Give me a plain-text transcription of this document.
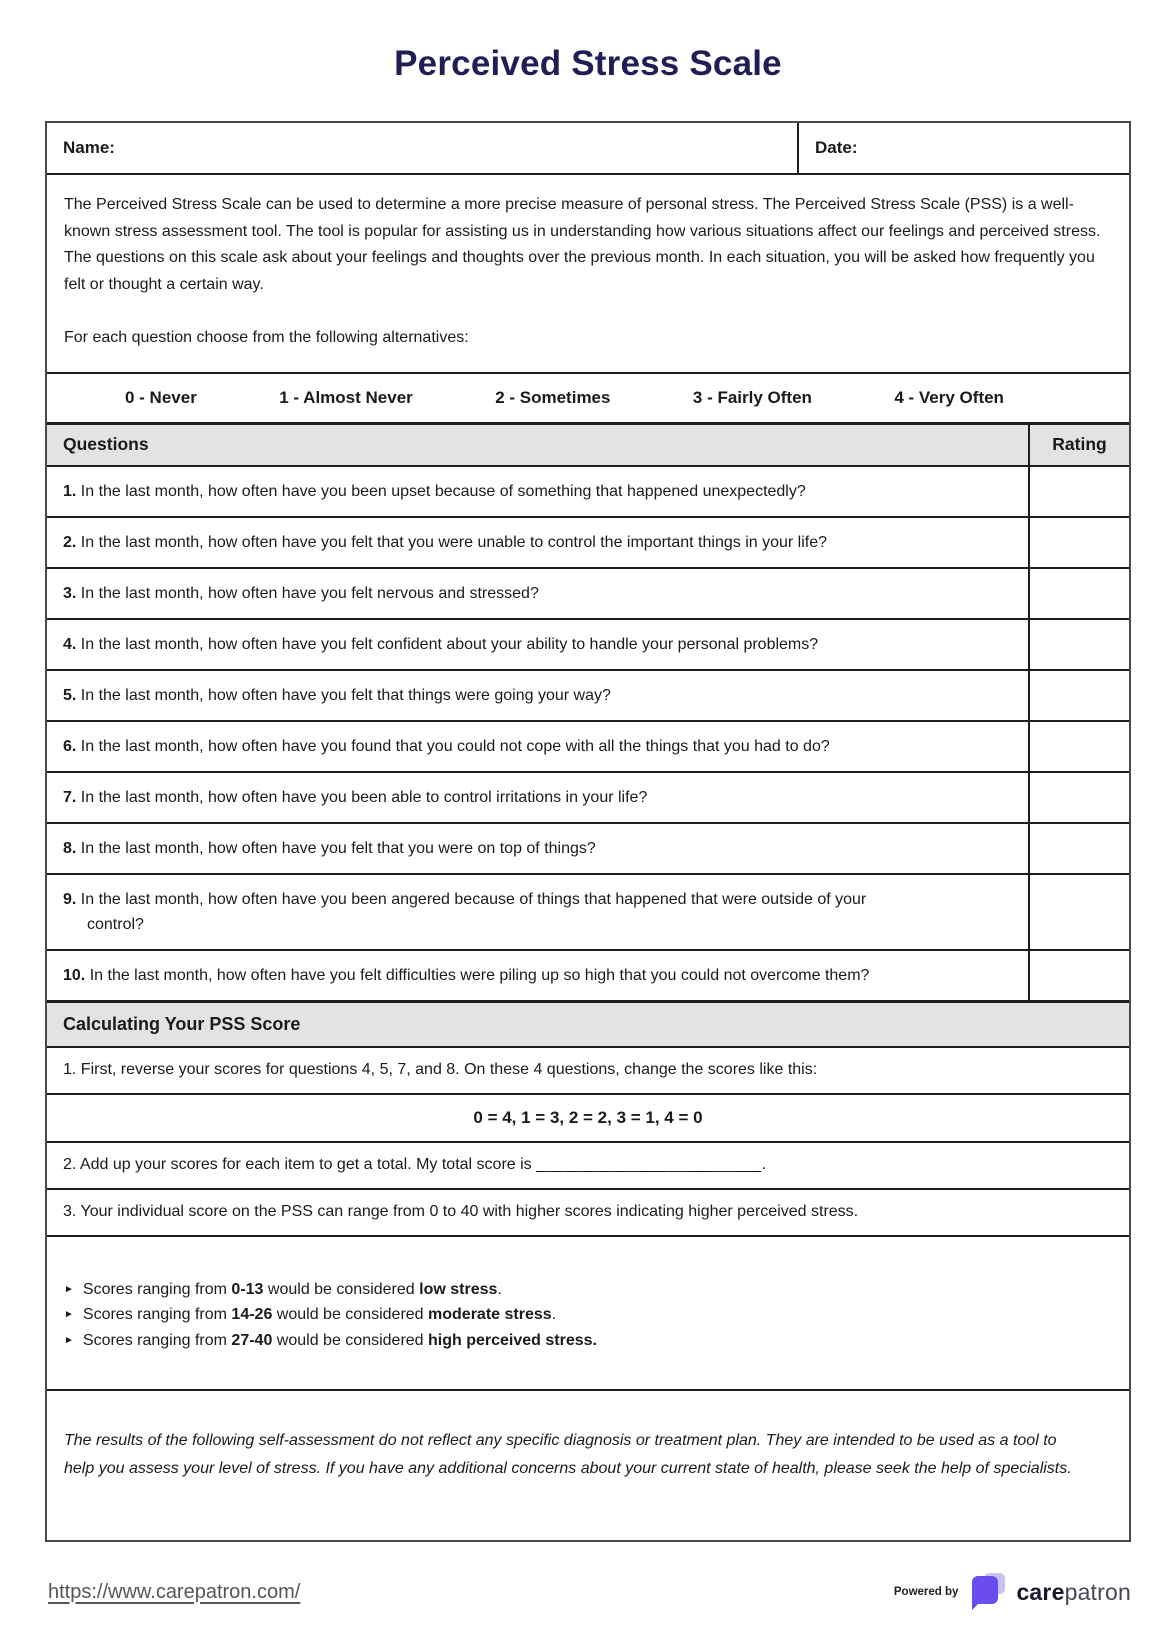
Perceived Stress Scale
Name:	Date:

The Perceived Stress Scale can be used to determine a more precise measure of personal stress. The Perceived Stress Scale (PSS) is a well-known stress assessment tool. The tool is popular for assisting us in understanding how various situations affect our feelings and perceived stress. The questions on this scale ask about your feelings and thoughts over the previous month. In each situation, you will be asked how frequently you felt or thought a certain way.

For each question choose from the following alternatives:

0 - Never	1 - Almost Never	2 - Sometimes	3 - Fairly Often	4 - Very Often
Questions	Rating
1. In the last month, how often have you been upset because of something that happened unexpectedly?
2. In the last month, how often have you felt that you were unable to control the important things in your life?
3. In the last month, how often have you felt nervous and stressed?
4. In the last month, how often have you felt confident about your ability to handle your personal problems?
5. In the last month, how often have you felt that things were going your way?
6. In the last month, how often have you found that you could not cope with all the things that you had to do?
7. In the last month, how often have you been able to control irritations in your life?
8. In the last month, how often have you felt that you were on top of things?
9. In the last month, how often have you been angered because of things that happened that were outside of your control?
10. In the last month, how often have you felt difficulties were piling up so high that you could not overcome them?
Calculating Your PSS Score
1. First, reverse your scores for questions 4, 5, 7, and 8. On these 4 questions, change the scores like this:
0 = 4, 1 = 3, 2 = 2, 3 = 1, 4 = 0
2. Add up your scores for each item to get a total. My total score is ________________________.
3. Your individual score on the PSS can range from 0 to 40 with higher scores indicating higher perceived stress.
► Scores ranging from 0-13 would be considered low stress.
► Scores ranging from 14-26 would be considered moderate stress.
► Scores ranging from 27-40 would be considered high perceived stress.

The results of the following self-assessment do not reflect any specific diagnosis or treatment plan. They are intended to be used as a tool to help you assess your level of stress. If you have any additional concerns about your current state of health, please seek the help of specialists.

https://www.carepatron.com/	Powered by	carepatron
